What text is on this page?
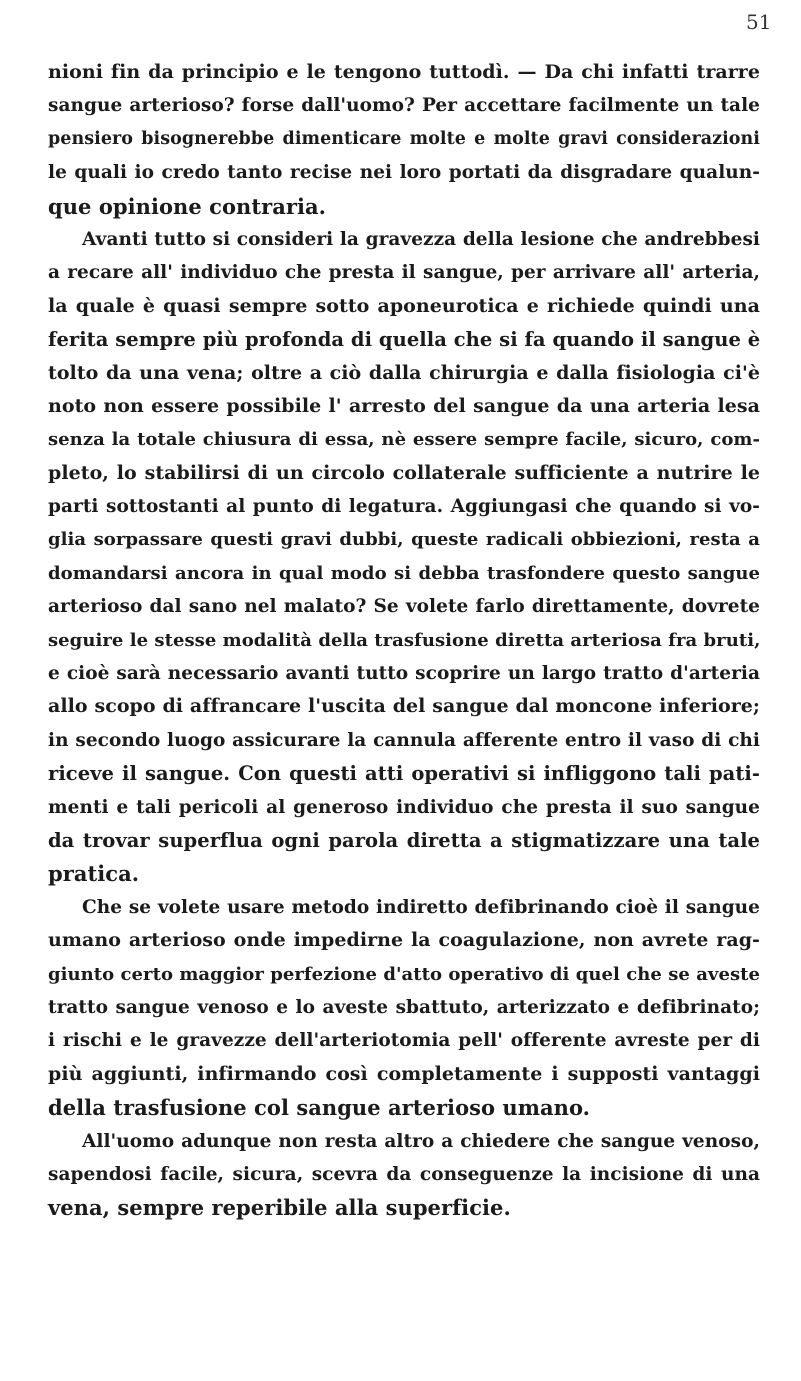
51
nioni fin da principio e le tengono tuttodì. — Da chi infatti trarre
sangue arterioso? forse dall'uomo? Per accettare facilmente un tale
pensiero bisognerebbe dimenticare molte e molte gravi considerazioni
le quali io credo tanto recise nei loro portati da disgradare qualun-
que opinione contraria.
Avanti tutto si consideri la gravezza della lesione che andrebbesi
a recare all' individuo che presta il sangue, per arrivare all' arteria,
la quale è quasi sempre sotto aponeurotica e richiede quindi una
ferita sempre più profonda di quella che si fa quando il sangue è
tolto da una vena; oltre a ciò dalla chirurgia e dalla fisiologia ci'è
noto non essere possibile l' arresto del sangue da una arteria lesa
senza la totale chiusura di essa, nè essere sempre facile, sicuro, com-
pleto, lo stabilirsi di un circolo collaterale sufficiente a nutrire le
parti sottostanti al punto di legatura. Aggiungasi che quando si vo-
glia sorpassare questi gravi dubbi, queste radicali obbiezioni, resta a
domandarsi ancora in qual modo si debba trasfondere questo sangue
arterioso dal sano nel malato? Se volete farlo direttamente, dovrete
seguire le stesse modalità della trasfusione diretta arteriosa fra bruti,
e cioè sarà necessario avanti tutto scoprire un largo tratto d'arteria
allo scopo di affrancare l'uscita del sangue dal moncone inferiore;
in secondo luogo assicurare la cannula afferente entro il vaso di chi
riceve il sangue. Con questi atti operativi si infliggono tali pati-
menti e tali pericoli al generoso individuo che presta il suo sangue
da trovar superflua ogni parola diretta a stigmatizzare una tale
pratica.
Che se volete usare metodo indiretto defibrinando cioè il sangue
umano arterioso onde impedirne la coagulazione, non avrete rag-
giunto certo maggior perfezione d'atto operativo di quel che se aveste
tratto sangue venoso e lo aveste sbattuto, arterizzato e defibrinato;
i rischi e le gravezze dell'arteriotomia pell' offerente avreste per di
più aggiunti, infirmando così completamente i supposti vantaggi
della trasfusione col sangue arterioso umano.
All'uomo adunque non resta altro a chiedere che sangue venoso,
sapendosi facile, sicura, scevra da conseguenze la incisione di una
vena, sempre reperibile alla superficie.
